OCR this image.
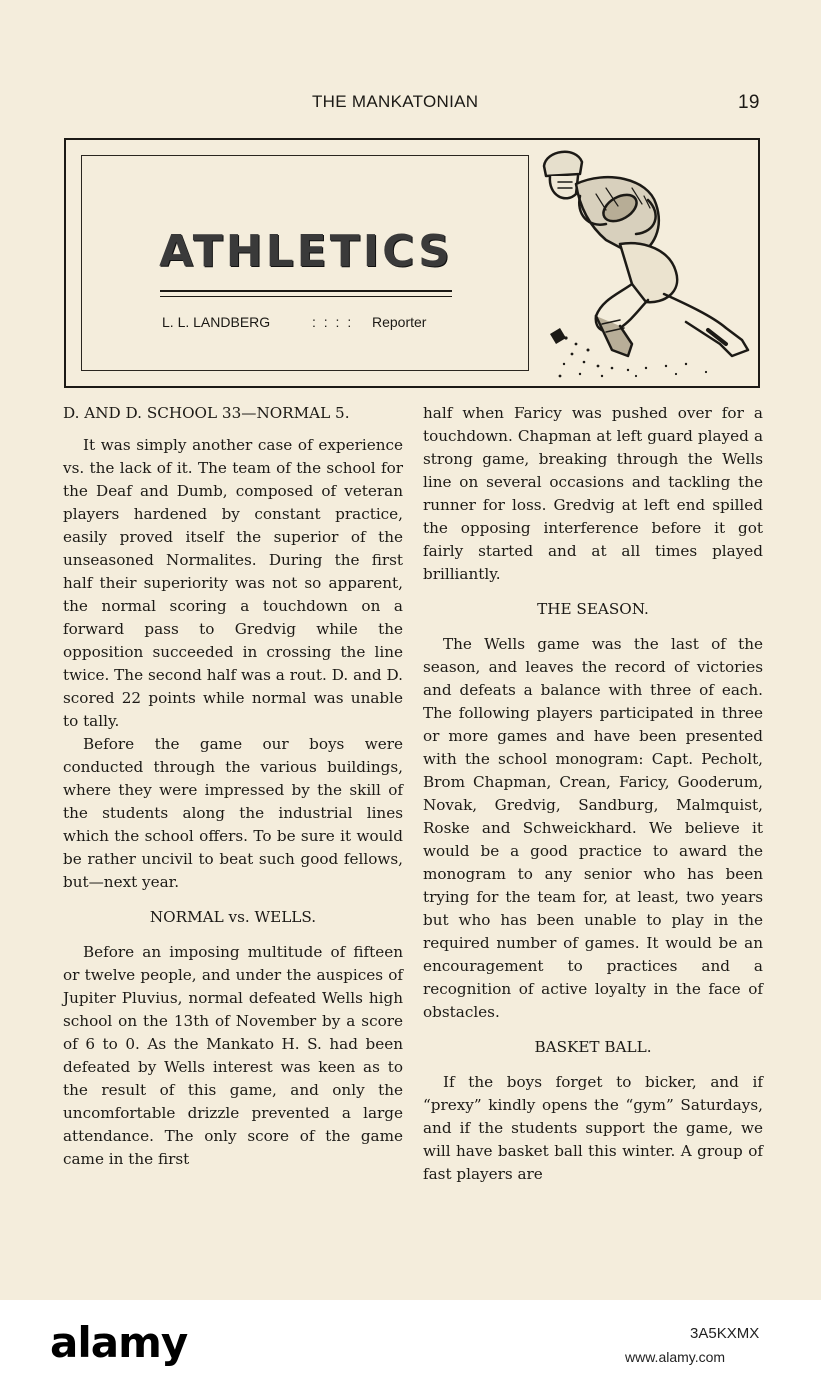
THE MANKATONIAN	19
ATHLETICS
L. L. LANDBERG	: : : : Reporter

D. AND D. SCHOOL 33—NORMAL 5.

It was simply another case of experience vs. the lack of it. The team of the school for the Deaf and Dumb, composed of veteran players hardened by constant practice, easily proved itself the superior of the unseasoned Normalites. During the first half their superiority was not so apparent, the normal scoring a touchdown on a forward pass to Gredvig while the opposition succeeded in crossing the line twice. The second half was a rout. D. and D. scored 22 points while normal was unable to tally.

Before the game our boys were conducted through the various buildings, where they were impressed by the skill of the students along the industrial lines which the school offers. To be sure it would be rather uncivil to beat such good fellows, but—next year.

NORMAL vs. WELLS.

Before an imposing multitude of fifteen or twelve people, and under the auspices of Jupiter Pluvius, normal defeated Wells high school on the 13th of November by a score of 6 to 0. As the Mankato H. S. had been defeated by Wells interest was keen as to the result of this game, and only the uncomfortable drizzle prevented a large attendance. The only score of the game came in the first

half when Faricy was pushed over for a touchdown. Chapman at left guard played a strong game, breaking through the Wells line on several occasions and tackling the runner for loss. Gredvig at left end spilled the opposing interference before it got fairly started and at all times played brilliantly.

THE SEASON.

The Wells game was the last of the season, and leaves the record of victories and defeats a balance with three of each. The following players participated in three or more games and have been presented with the school monogram: Capt. Pecholt, Brom Chapman, Crean, Faricy, Gooderum, Novak, Gredvig, Sandburg, Malmquist, Roske and Schweickhard. We believe it would be a good practice to award the monogram to any senior who has been trying for the team for, at least, two years but who has been unable to play in the required number of games. It would be an encouragement to practices and a recognition of active loyalty in the face of obstacles.

BASKET BALL.

If the boys forget to bicker, and if “prexy” kindly opens the “gym” Saturdays, and if the students support the game, we will have basket ball this winter. A group of fast players are

alamy	3A5KXMX
www.alamy.com
